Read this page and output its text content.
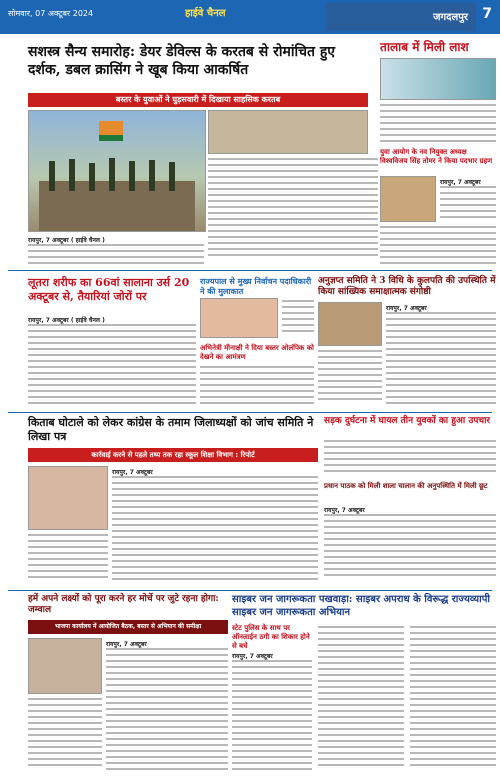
सोमवार, 07 अक्टूबर 2024	हाईवे चैनल	जगदलपुर 7
सशस्त्र सैन्य समारोह: डेयर डेविल्स के करतब से रोमांचित हुए दर्शक, डबल क्रासिंग ने खूब किया आकर्षित
बस्तर के युवाओं ने घुड़सवारी में दिखाया साहसिक करतब
रायपुर, 7 अक्टूबर ( हाईवे चैनल )
तालाब में मिली लाश
युवा आयोग के नव नियुक्त अध्यक्ष विश्वविजय सिंह तोमर ने किया पदभार ग्रहण
रायपुर, 7 अक्टूबर
लूतरा शरीफ का 66वां सालाना उर्स 20 अक्टूबर से, तैयारियां जोरों पर
रायपुर, 7 अक्टूबर ( हाईवे चैनल )
राज्यपाल से मुख्य निर्वाचन पदाधिकारी ने की मुलाकात
अभिनेत्री मीनाक्षी ने दिया बस्तर ओलंपिक को देखने का आमंत्रण
अनुज्ञप्त समिति ने 3 विधि के कुलपति की उपस्थिति में किया सांख्यिक समाक्षात्मक संगोष्ठी
रायपुर, 7 अक्टूबर
किताब घोटाले को लेकर कांग्रेस के तमाम जिलाध्यक्षों को जांच समिति ने लिखा पत्र
कार्रवाई करने से पहले तथ्य तक रहा स्कूल शिक्षा विभाग : रिपोर्ट
रायपुर, 7 अक्टूबर
सड़क दुर्घटना में घायल तीन युवकों का हुआ उपचार
प्रधान पाठक को मिली शाला चालान की अनुपस्थिति में मिली छूट
रायपुर, 7 अक्टूबर
हमें अपने लक्ष्यों को पूरा करने हर मोर्चे पर जुटे रहना होगा: जम्वाल
भाजपा कार्यालय में आयोजित बैठक, बस्तर से अभियान की समीक्षा
रायपुर, 7 अक्टूबर
साइबर जन जागरूकता पखवाड़ा: साइबर अपराध के विरूद्ध राज्यव्यापी साइबर जन जागरूकता अभियान
स्टेट पुलिस के साथ पर ऑनलाईन ठगी का शिकार होने से बचे
रायपुर, 7 अक्टूबर
